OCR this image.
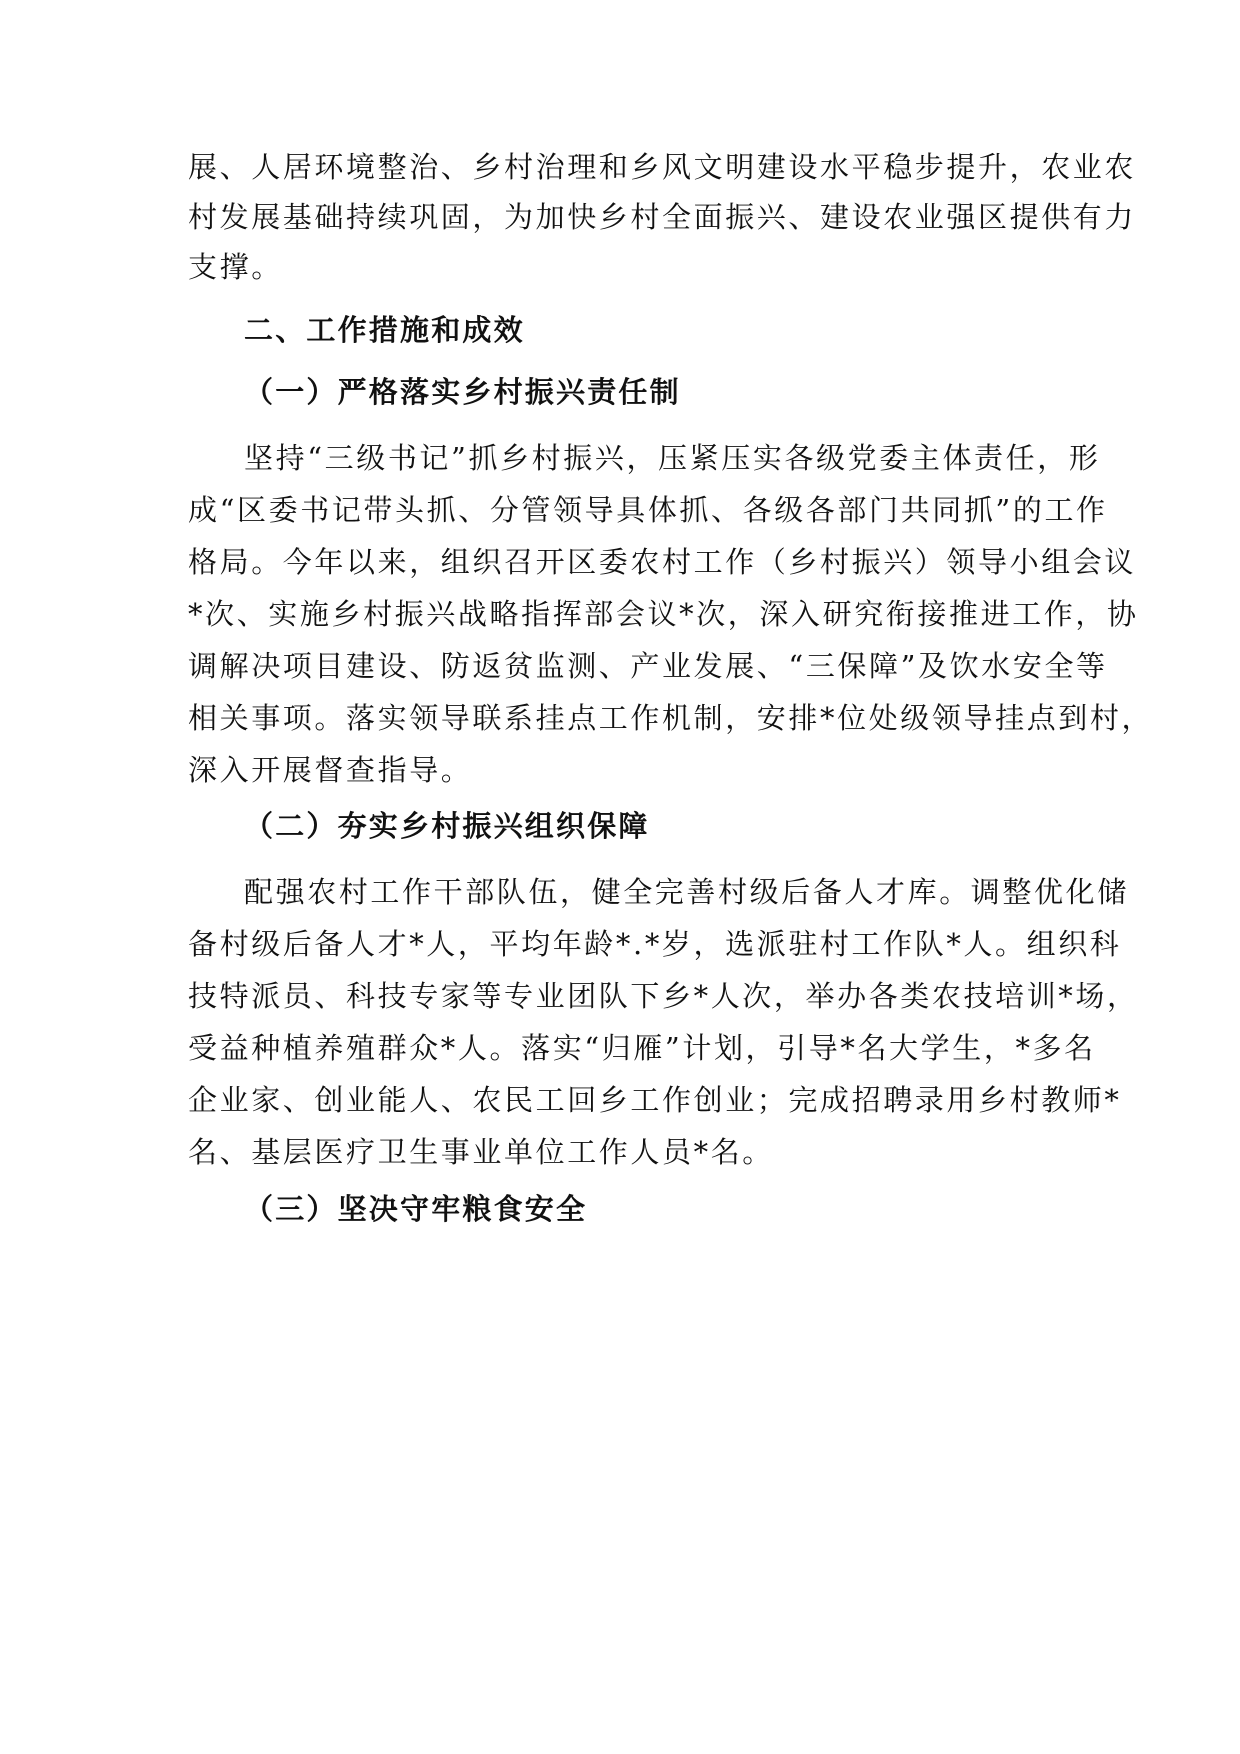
展、人居环境整治、乡村治理和乡风文明建设水平稳步提升，农业农
村发展基础持续巩固，为加快乡村全面振兴、建设农业强区提供有力
支撑。
二、工作措施和成效
（一）严格落实乡村振兴责任制
坚持“三级书记”抓乡村振兴，压紧压实各级党委主体责任，形
成“区委书记带头抓、分管领导具体抓、各级各部门共同抓”的工作
格局。今年以来，组织召开区委农村工作（乡村振兴）领导小组会议
*次、实施乡村振兴战略指挥部会议*次，深入研究衔接推进工作，协
调解决项目建设、防返贫监测、产业发展、“三保障”及饮水安全等
相关事项。落实领导联系挂点工作机制，安排*位处级领导挂点到村，
深入开展督查指导。
（二）夯实乡村振兴组织保障
配强农村工作干部队伍，健全完善村级后备人才库。调整优化储
备村级后备人才*人，平均年龄*.*岁，选派驻村工作队*人。组织科
技特派员、科技专家等专业团队下乡*人次，举办各类农技培训*场，
受益种植养殖群众*人。落实“归雁”计划，引导*名大学生，*多名
企业家、创业能人、农民工回乡工作创业；完成招聘录用乡村教师*
名、基层医疗卫生事业单位工作人员*名。
（三）坚决守牢粮食安全
